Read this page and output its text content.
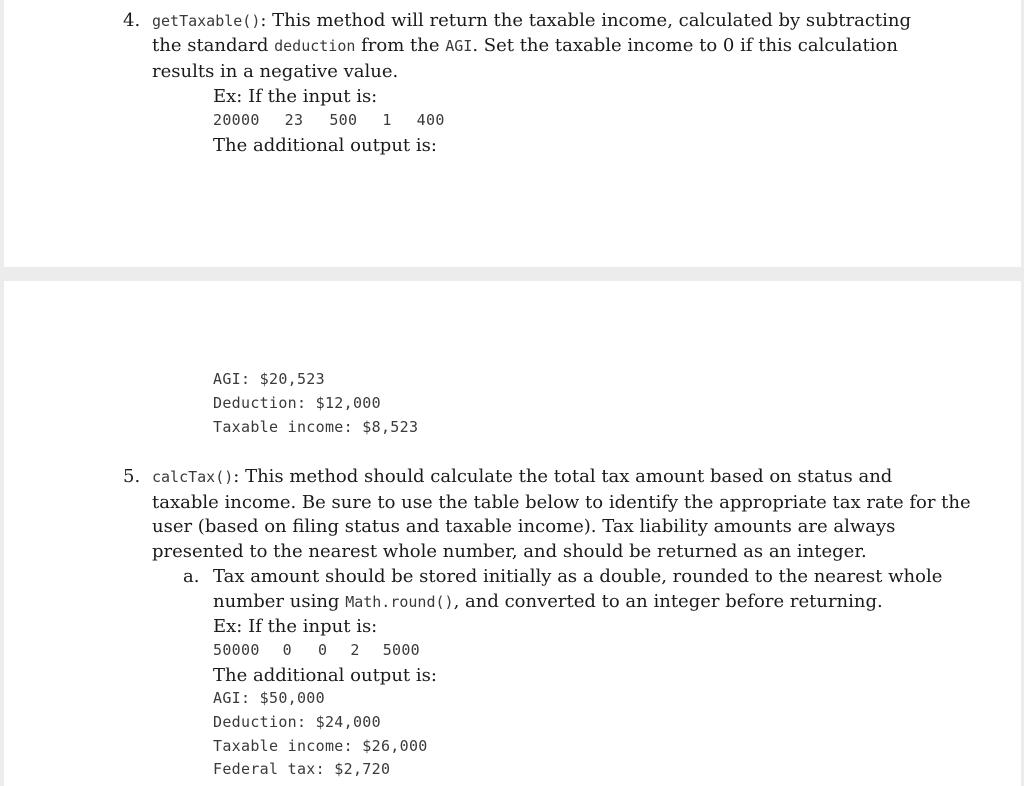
4. getTaxable(): This method will return the taxable income, calculated by subtracting
the standard deduction from the AGI. Set the taxable income to 0 if this calculation
results in a negative value.
Ex: If the input is:
20000 23 500 1 400
The additional output is:
AGI: $20,523
Deduction: $12,000
Taxable income: $8,523
5. calcTax(): This method should calculate the total tax amount based on status and
taxable income. Be sure to use the table below to identify the appropriate tax rate for the
user (based on filing status and taxable income). Tax liability amounts are always
presented to the nearest whole number, and should be returned as an integer.
a. Tax amount should be stored initially as a double, rounded to the nearest whole
number using Math.round(), and converted to an integer before returning.
Ex: If the input is:
50000 0 0 2 5000
The additional output is:
AGI: $50,000
Deduction: $24,000
Taxable income: $26,000
Federal tax: $2,720
